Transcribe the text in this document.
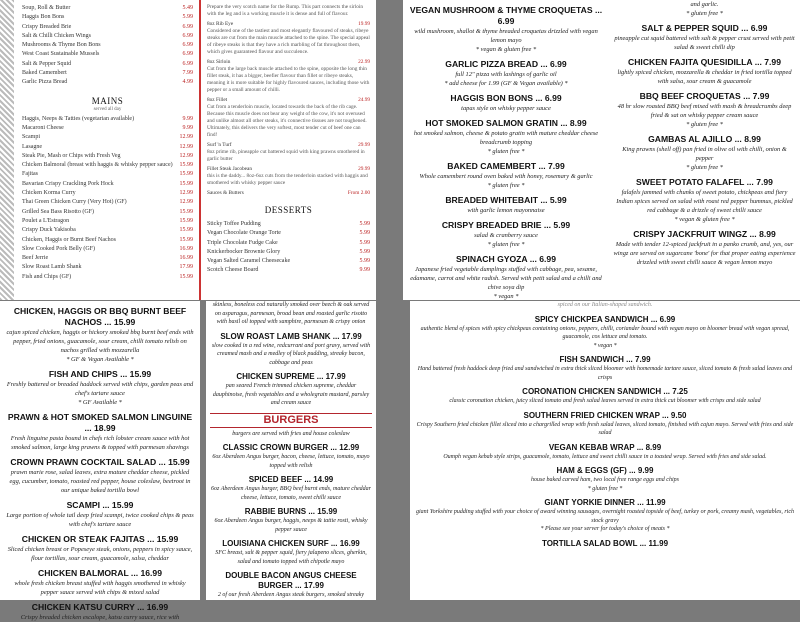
Soup, Roll & Butter	5.49
Haggis Bon Bons	5.99
Crispy Breaded Brie	6.99
Salt & Chilli Chicken Wings	6.99
Mushrooms & Thyme Bon Bons	6.99
West Coast Sustainable Mussels	6.99
Salt & Pepper Squid	6.99
Baked Camembert	7.99
Garlic Pizza Bread	4.99
MAINS
served all day
Haggis, Neeps & Tatties (vegetarian available)	9.99
Macaroni Cheese	9.99
Scampi	12.99
Lasagne	12.99
Steak Pie, Mash or Chips with Fresh Veg	12.99
Chicken Balmoral (breast with haggis & whisky pepper sauce) 15.99
Fajitas	15.99
Bavarian Crispy Crackling Pork Hock	15.99
Chicken Korma Curry	12.99
Thai Green Chicken Curry (Very Hot) (GF)	12.99
Grilled Sea Bass Risotto (GF)	15.99
Poulet a L'Estragon	15.99
Crispy Duck Yakisoba	15.99
Chicken, Haggis or Burnt Beef Nachos	15.99
Slow Cooked Pork Belly (GF)	16.99
Beef Jerrie	16.99
Slow Roast Lamb Shank	17.99
Fish and Chips (GF)	15.99
Prepare the very scotch name for the Rump. This part connects the sirloin with the leg and is a working muscle it is dense and full of flavour.
8oz Rib Eye	19.99
Considered one of the tastiest and most elegantly flavoured of steaks, ribeye steaks are cut from the main muscle attached to the spine. The special appeal of ribeye steaks is that they have a rich marbling of fat throughout them, which gives guaranteed flavour and succulence.
8oz Sirloin	22.99
Cut from the large back muscle attached to the spine, opposite the long thin fillet steak, it has a bigger, beefier flavour than fillet or ribeye steaks, meaning it is more suitable for highly flavoured sauces, including those with pepper or a small amount of chilli.
8oz Fillet	24.99
Cut from a tenderloin muscle, located towards the back of the rib cage. Because this muscle does not bear any weight of the cow, it's not overused and unlike almost all other steaks, it's connective tissues are not toughened. Ultimately, this delivers the very softest, most tender cut of beef one can find!
Surf 'n Turf	29.99
8oz prime rib, pineapple cut battered squid with king prawns smothered in garlic butter
Fillet Steak Jacobean	29.99
this is the daddy... 8oz-6oz cuts from the tenderloin stacked with haggis and smothered with whisky pepper sauce
Sauces & Butters	From 2.00
DESSERTS
Sticky Toffee Pudding	5.99
Vegan Chocolate Orange Torte	5.99
Triple Chocolate Fudge Cake	5.99
Knickerbocker Brownie Glory	5.99
Vegan Salted Caramel Cheesecake	5.99
Scotch Cheese Board	9.99
VEGAN MUSHROOM & THYME CROQUETAS ... 6.99
wild mushroom, shallot & thyme breaded croquetas drizzled with vegan lemon mayo
* vegan & gluten free *
GARLIC PIZZA BREAD ... 6.99
full 12" pizza with lashings of garlic oil
* add cheese for 1.99 (GF & Vegan available) *
HAGGIS BON BONS ... 6.99
tapas style on whisky pepper sauce
HOT SMOKED SALMON GRATIN ... 8.99
hot smoked salmon, cheese & potato gratin with mature cheddar cheese breadcrumb topping
* gluten free *
BAKED CAMEMBERT ... 7.99
Whole camembert round oven baked with honey, rosemary & garlic
* gluten free *
BREADED WHITEBAIT ... 5.99
with garlic lemon mayonnaise
CRISPY BREADED BRIE ... 5.99
salad & cranberry sauce
* gluten free *
SPINACH GYOZA ... 6.99
Japanese fried vegetable dumplings stuffed with cabbage, pea, sesame, edamame, carrot and white radish. Served with petit salad and a chilli and chive soya dip
* vegan *
and garlic.
* gluten free *
SALT & PEPPER SQUID ... 6.99
pineapple cut squid battered with salt & pepper crust served with petit salad & sweet chilli dip
CHICKEN FAJITA QUESIDILLA ... 7.99
lightly spiced chicken, mozzarella & cheddar in fried tortilla topped with salsa, sour cream & guacamole
BBQ BEEF CROQUETAS ... 7.99
48 hr slow roasted BBQ beef mixed with mash & breadcrumbs deep fried & sat on whisky pepper cream sauce
* gluten free *
GAMBAS AL AJILLO ... 8.99
King prawns (shell off) pan fried in olive oil with chilli, onion & pepper
* gluten free *
SWEET POTATO FALAFEL ... 7.99
falafels jammed with chunks of sweet potato, chickpeas and fiery Indian spices served on salad with roast red pepper hummus, pickled red cabbage & a drizzle of sweet chilli sauce
* vegan & gluten free *
CRISPY JACKFRUIT WINGZ ... 8.99
Made with tender 12-spiced jackfruit in a panko crumb, and, yes, our wingz are served on sugarcane 'bone' for that proper eating experience drizzled with sweet chilli sauce & vegan lemon mayo
CHICKEN, HAGGIS OR BBQ BURNT BEEF NACHOS ... 15.99
cajun spiced chicken, haggis or hickory smoked bbq burnt beef ends with pepper, fried onions, guacamole, sour cream, chilli tomato relish on nachos grilled with mozzarella
* GF & Vegan Available *
FISH AND CHIPS ... 15.99
Freshly battered or breaded haddock served with chips, garden peas and chef's tartare sauce
* GF Available *
PRAWN & HOT SMOKED SALMON LINGUINE ... 18.99
Fresh linguine pasta bound in chefs rich lobster cream sauce with hot smoked salmon, large king prawns & topped with parmesan shavings
CROWN PRAWN COCKTAIL SALAD ... 15.99
prawn marie rose, salad leaves, extra mature cheddar cheese, pickled egg, cucumber, tomato, roasted red pepper, house coleslaw, beetroot in our unique baked tortilla bowl
SCAMPI ... 15.99
Large portion of whole tail deep fried scampi, twice cooked chips & peas with chef's tartare sauce
CHICKEN OR STEAK FAJITAS ... 15.99
Sliced chicken breast or Popeseye steak, onions, peppers in spicy sauce, flour tortillas, sour cream, guacamole, salsa, cheddar
CHICKEN BALMORAL ... 16.99
whole fresh chicken breast stuffed with haggis smothered in whisky pepper sauce served with chips & mixed salad
CHICKEN KATSU CURRY ... 16.99
Crispy breaded chicken escalope, katsu curry sauce, rice with
skinless, boneless cod naturally smoked over beech & oak served on asparagus, parmesan, broad bean and roasted garlic risotto with basil oil topped with samphire, parmesan & crispy onion
SLOW ROAST LAMB SHANK ... 17.99
slow cooked in a red wine, redcurrant and port gravy, served with creamed mash and a medley of black pudding, streaky bacon, cabbage and peas
CHICKEN SUPREME ... 17.99
pan seared French trimmed chicken supreme, cheddar dauphinoise, fresh vegetables and a wholegrain mustard, parsley and cream sauce
BURGERS
burgers are served with fries and house coleslaw
CLASSIC CROWN BURGER ... 12.99
6oz Aberdeen Angus burger, bacon, cheese, lettuce, tomato, mayo topped with relish
SPICED BEEF ... 14.99
6oz Aberdeen Angus burger, BBQ beef burnt ends, mature cheddar cheese, lettuce, tomato, sweet chilli sauce
RABBIE BURNS ... 15.99
6oz Aberdeen Angus burger, haggis, neeps & tattie rosti, whisky pepper sauce
LOUISIANA CHICKEN SURF ... 16.99
SFC breast, salt & pepper squid, fiery jalapeno slices, gherkin, salad and tomato topped with chipotle mayo
DOUBLE BACON ANGUS CHEESE BURGER ... 17.99
2 of our fresh Aberdeen Angus steak burgers, smoked streaky
spiced on our Italian-shaped sandwich.
SPICY CHICKPEA SANDWICH ... 6.99
authentic blend of spices with spicy chickpeas containing onions, peppers, chilli, coriander bound with vegan mayo on bloomer bread with vegan spread, guacamole, cos lettuce and tomato.
* vegan *
FISH SANDWICH ... 7.99
Hand battered fresh haddock deep fried and sandwiched in extra thick sliced bloomer with homemade tartare sauce, sliced tomato & fresh salad leaves and crisps
CORONATION CHICKEN SANDWICH ... 7.25
classic coronation chicken, juicy sliced tomato and fresh salad leaves served in extra thick cut bloomer with crisps and side salad
SOUTHERN FRIED CHICKEN WRAP ... 9.50
Crispy Southern fried chicken fillet sliced into a chargrilled wrap with fresh salad leaves, sliced tomato, finished with cajun mayo. Served with fries and side salad
VEGAN KEBAB WRAP ... 8.99
Oumph vegan kebab style strips, guacamole, tomato, lettuce and sweet chilli sauce in a toasted wrap. Served with fries and side salad.
HAM & EGGS (GF) ... 9.99
house baked carved ham, two local free range eggs and chips
* gluten free *
GIANT YORKIE DINNER ... 11.99
giant Yorkshire pudding stuffed with your choice of award winning sausages, overnight roasted topside of beef, turkey or pork, creamy mash, vegetables, rich stock gravy
* Please see your server for today's choice of meats *
TORTILLA SALAD BOWL ... 11.99
